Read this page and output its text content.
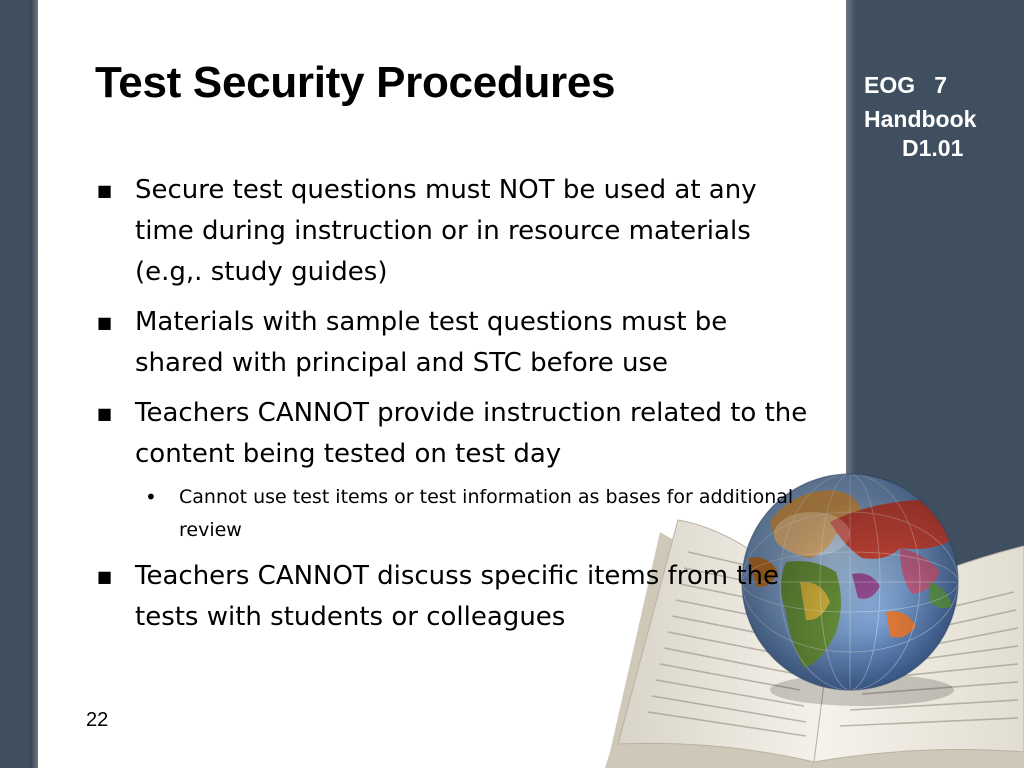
Test Security Procedures	EOG   7
Handbook
D1.01
■ Secure test questions must NOT be used at any time during instruction or in resource materials (e.g,. study guides)
■ Materials with sample test questions must be shared with principal and STC before use
■ Teachers CANNOT provide instruction related to the content being tested on test day
• Cannot use test items or test information as bases for additional review
■ Teachers CANNOT discuss specific items from the tests with students or colleagues
22
